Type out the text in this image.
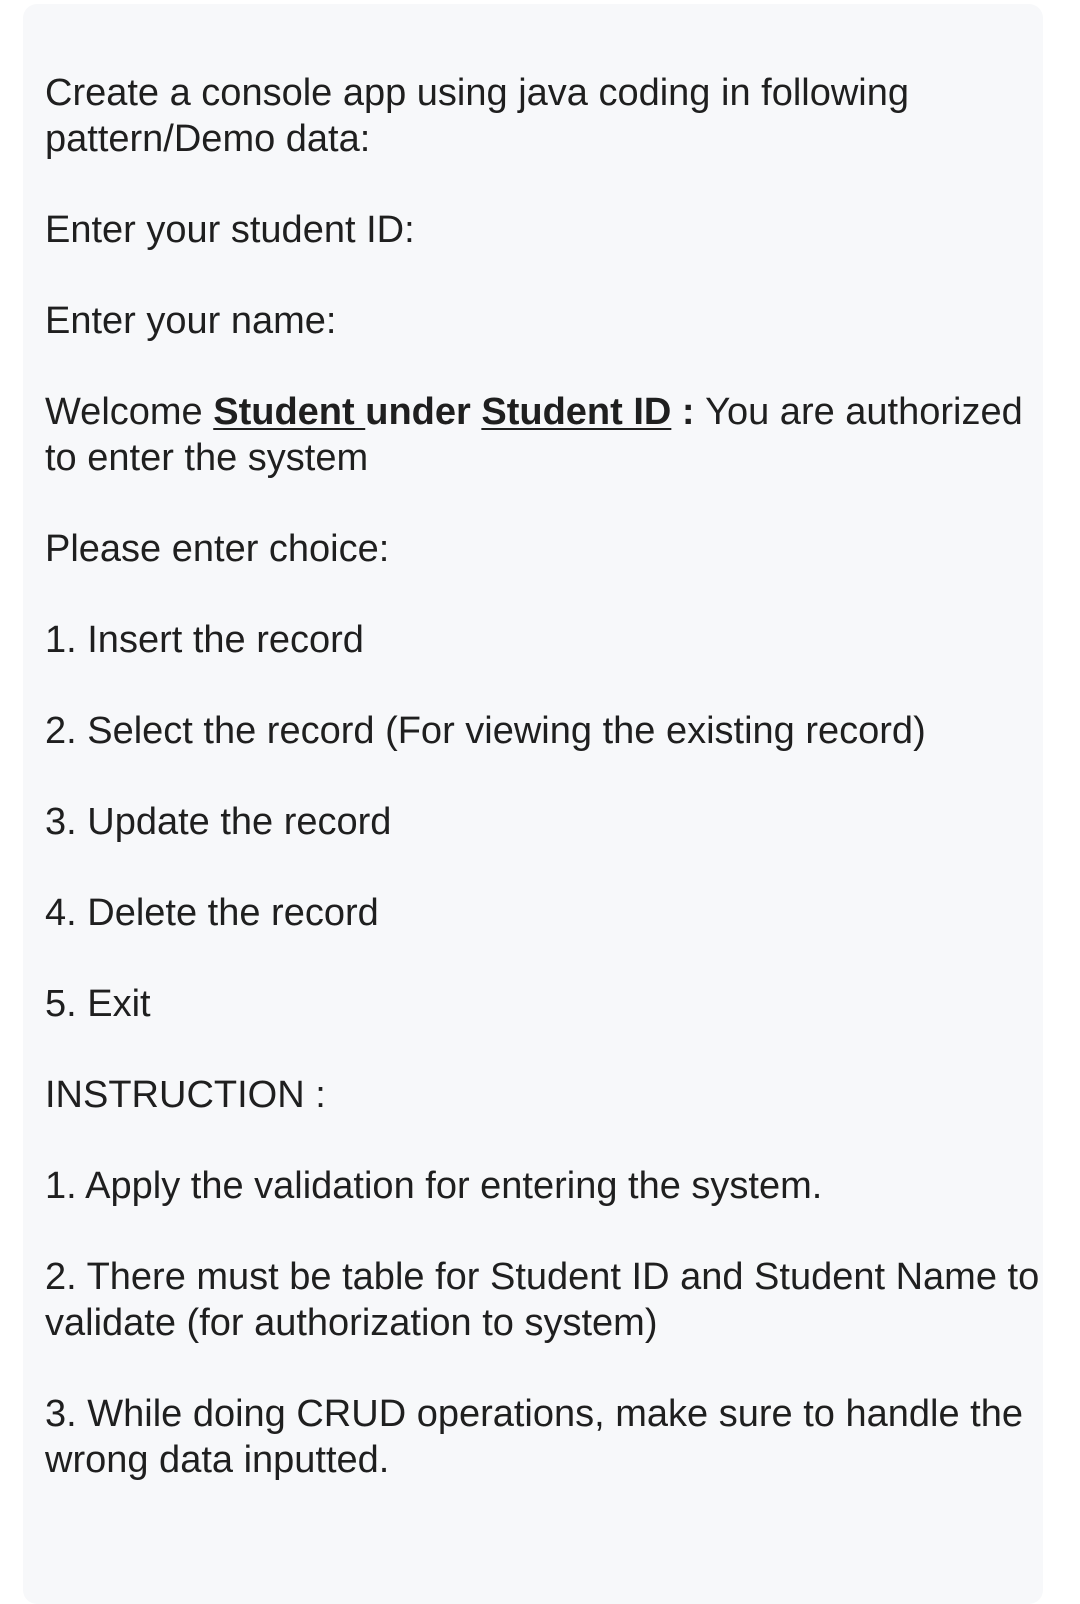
Create a console app using java coding in following pattern/Demo data:

Enter your student ID:

Enter your name:

Welcome Student under Student ID : You are authorized to enter the system

Please enter choice:

1. Insert the record

2. Select the record (For viewing the existing record)

3. Update the record

4. Delete the record

5. Exit

INSTRUCTION :

1. Apply the validation for entering the system.

2. There must be table for Student ID and Student Name to validate (for authorization to system)

3. While doing CRUD operations, make sure to handle the wrong data inputted.
